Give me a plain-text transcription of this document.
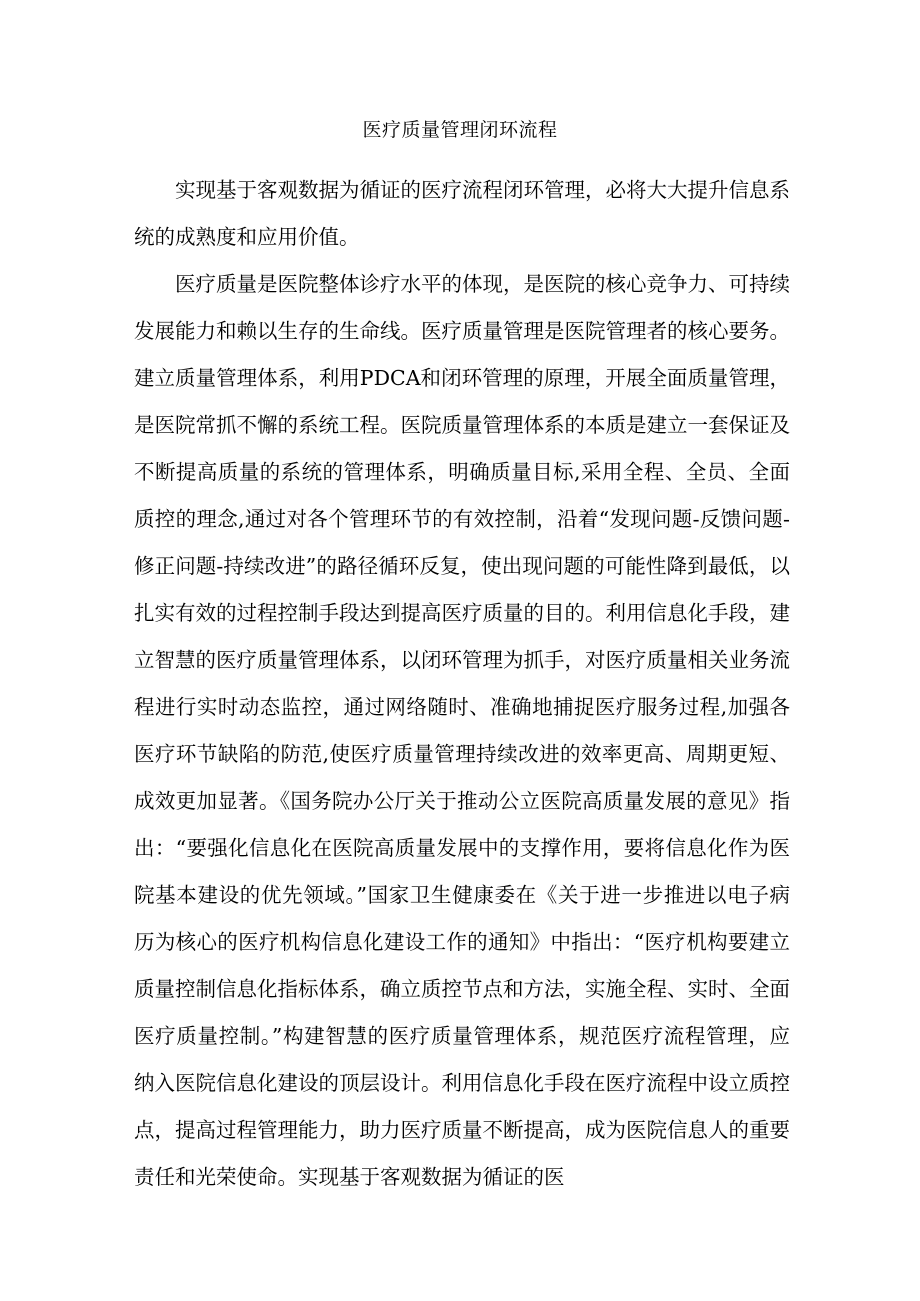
医疗质量管理闭环流程

实现基于客观数据为循证的医疗流程闭环管理，必将大大提升信息系统的成熟度和应用价值。

医疗质量是医院整体诊疗水平的体现，是医院的核心竞争力、可持续发展能力和赖以生存的生命线。医疗质量管理是医院管理者的核心要务。建立质量管理体系，利用PDCA和闭环管理的原理，开展全面质量管理，是医院常抓不懈的系统工程。医院质量管理体系的本质是建立一套保证及不断提高质量的系统的管理体系，明确质量目标,采用全程、全员、全面质控的理念,通过对各个管理环节的有效控制，沿着“发现问题-反馈问题-修正问题-持续改进”的路径循环反复，使出现问题的可能性降到最低，以扎实有效的过程控制手段达到提高医疗质量的目的。利用信息化手段，建立智慧的医疗质量管理体系，以闭环管理为抓手，对医疗质量相关业务流程进行实时动态监控，通过网络随时、准确地捕捉医疗服务过程,加强各医疗环节缺陷的防范,使医疗质量管理持续改进的效率更高、周期更短、成效更加显著。《国务院办公厅关于推动公立医院高质量发展的意见》指出：“要强化信息化在医院高质量发展中的支撑作用，要将信息化作为医院基本建设的优先领域。”国家卫生健康委在《关于进一步推进以电子病历为核心的医疗机构信息化建设工作的通知》中指出：“医疗机构要建立质量控制信息化指标体系，确立质控节点和方法，实施全程、实时、全面医疗质量控制。”构建智慧的医疗质量管理体系，规范医疗流程管理，应纳入医院信息化建设的顶层设计。利用信息化手段在医疗流程中设立质控点，提高过程管理能力，助力医疗质量不断提高，成为医院信息人的重要责任和光荣使命。实现基于客观数据为循证的医
